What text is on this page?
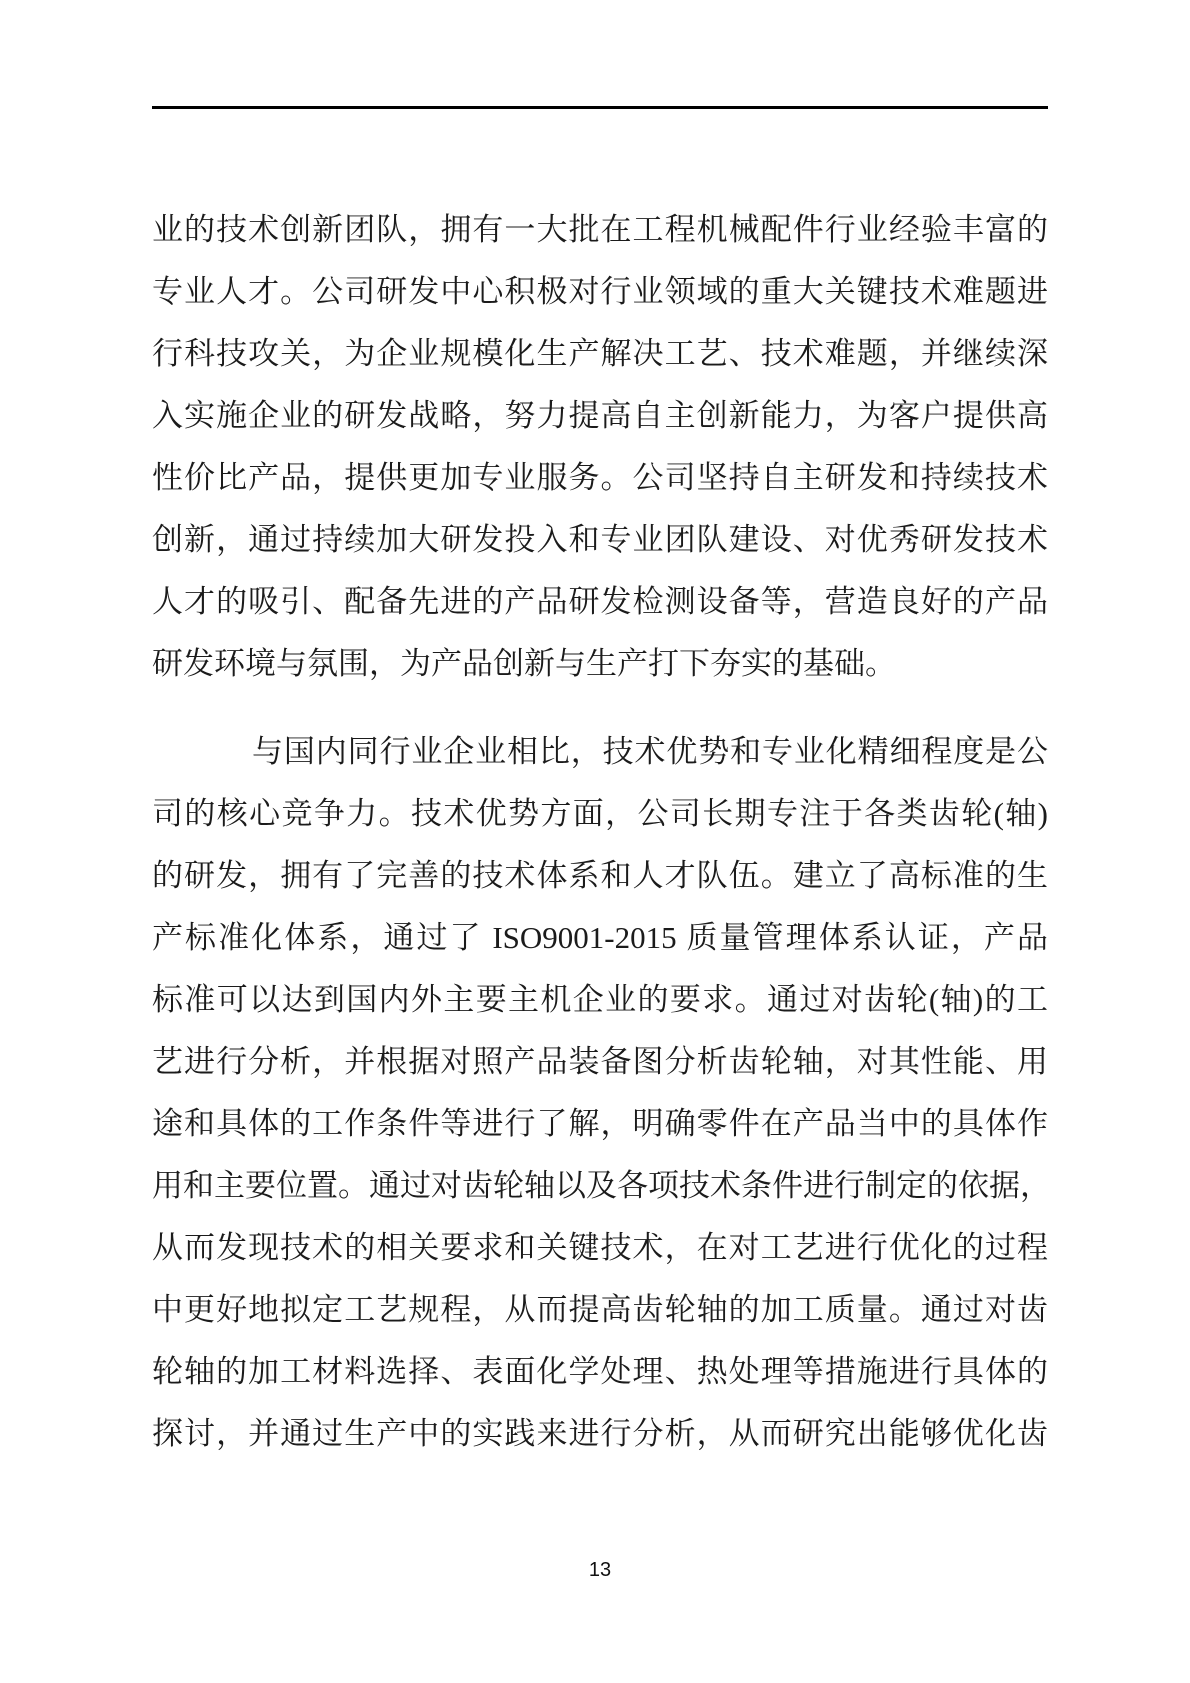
业的技术创新团队，拥有一大批在工程机械配件行业经验丰富的
专业人才。公司研发中心积极对行业领域的重大关键技术难题进
行科技攻关，为企业规模化生产解决工艺、技术难题，并继续深
入实施企业的研发战略，努力提高自主创新能力，为客户提供高
性价比产品，提供更加专业服务。公司坚持自主研发和持续技术
创新，通过持续加大研发投入和专业团队建设、对优秀研发技术
人才的吸引、配备先进的产品研发检测设备等，营造良好的产品
研发环境与氛围，为产品创新与生产打下夯实的基础。
与国内同行业企业相比，技术优势和专业化精细程度是公
司的核心竞争力。技术优势方面，公司长期专注于各类齿轮(轴)
的研发，拥有了完善的技术体系和人才队伍。建立了高标准的生
产标准化体系，通过了 ISO9001-2015 质量管理体系认证，产品
标准可以达到国内外主要主机企业的要求。通过对齿轮(轴)的工
艺进行分析，并根据对照产品装备图分析齿轮轴，对其性能、用
途和具体的工作条件等进行了解，明确零件在产品当中的具体作
用和主要位置。通过对齿轮轴以及各项技术条件进行制定的依据，
从而发现技术的相关要求和关键技术，在对工艺进行优化的过程
中更好地拟定工艺规程，从而提高齿轮轴的加工质量。通过对齿
轮轴的加工材料选择、表面化学处理、热处理等措施进行具体的
探讨，并通过生产中的实践来进行分析，从而研究出能够优化齿
13
